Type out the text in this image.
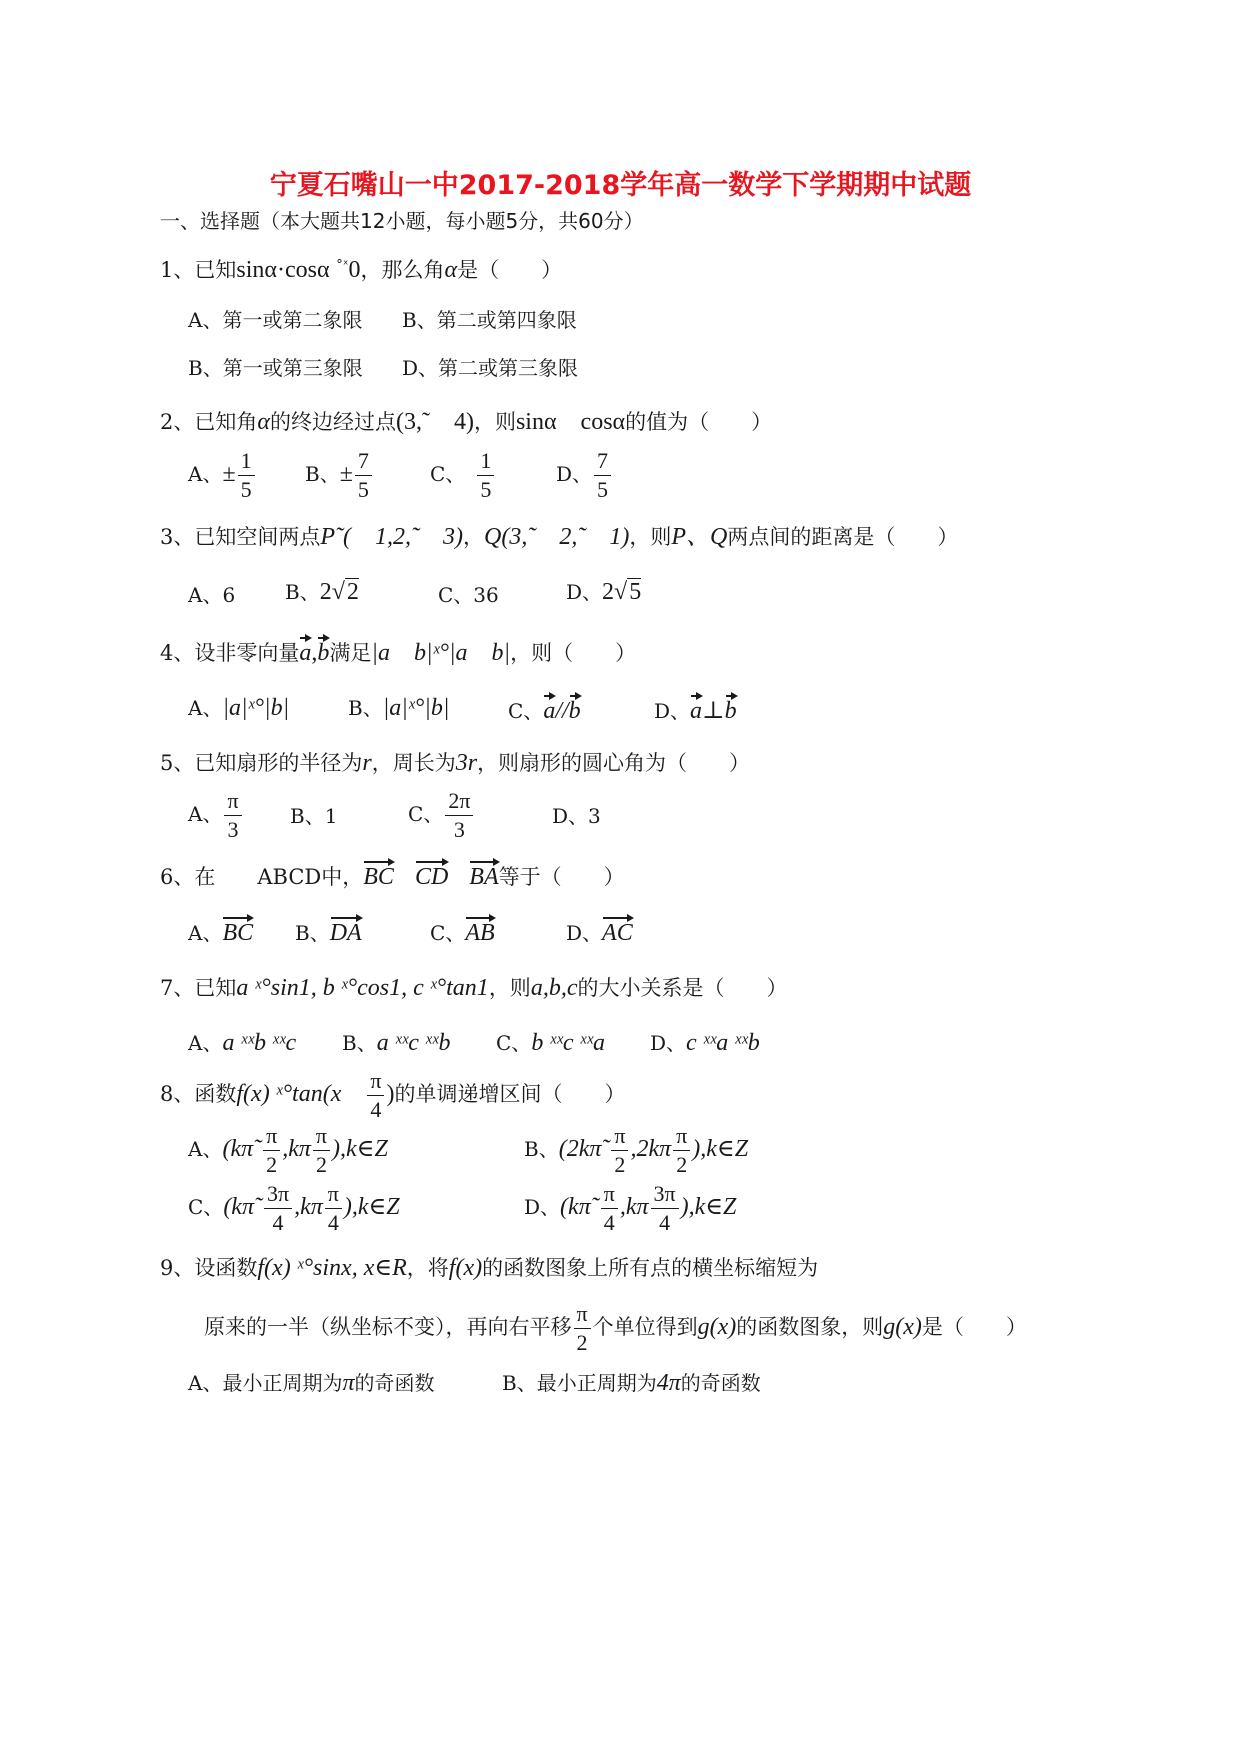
宁夏石嘴山一中2017-2018学年高一数学下学期期中试题
一、选择题（本大题共12小题，每小题5分，共60分）
1、已知sinα·cosα $^{^\circ ˣ}$0，那么角α是（　　）
A、第一或第二象限 B、第二或第四象限
B、第一或第三象限 D、第二或第三象限
2、已知角α的终边经过点(3,˜　4)，则sinα　cosα的值为（　　）
A、± $\frac{1}{5}$	B、± $\frac{7}{5}$	C、　 $\frac{1}{5}$	D、 $\frac{7}{5}$
3、已知空间两点P˜(　1,2,˜　3)，Q(3,˜　2,˜　1)，则P、Q两点间的距离是（　　）
A、6 B、2√2	C、36	D、2√5
4、设非零向量a,b满足|a　b|ˣ°|a　b|，则（　　）
A、|a|ˣ°|b|	B、|a|ˣ°|b|	C、a//b	D、a⊥b
5、已知扇形的半径为r，周长为3r，则扇形的圆心角为（　　）
A、 $\frac{\pi}{3}$ B、1	C、 $\frac{2\pi}{3}$	D、3
6、在　　ABCD中，BC　 CD　 BA等于（　　）
A、BC B、DA	C、AB	D、AC
7、已知a ˣ°sin1, b ˣ°cos1, c ˣ°tan1，则a,b,c的大小关系是（　　）
A、a ˣˣb ˣˣc B、a ˣˣc ˣˣb C、b ˣˣc ˣˣa D、c ˣˣa ˣˣb
8、函数f(x) ˣ°tan(x　 $\frac{\pi}{4}$ )的单调递增区间（　　）
A、(kπ˜ $\frac{\pi}{2} ,k\pi \frac{\pi}{2}$ ),k∈Z	B、(2kπ˜ $\frac{\pi}{2} ,2k\pi \frac{\pi}{2}$ ),k∈Z
C、(kπ˜ $\frac{3\pi}{4} ,k\pi \frac{\pi}{4}$ ),k∈Z	D、(kπ˜ $\frac{\pi}{4} ,k\pi \frac{3\pi}{4}$ ),k∈Z
9、设函数f(x) ˣ°sinx, x∈R，将f(x)的函数图象上所有点的横坐标缩短为
原来的一半（纵坐标不变），再向右平移 $\frac{\pi}{2}$ 个单位得到g(x)的函数图象，则g(x)是（　　）
A、最小正周期为π的奇函数	B、最小正周期为4π的奇函数
